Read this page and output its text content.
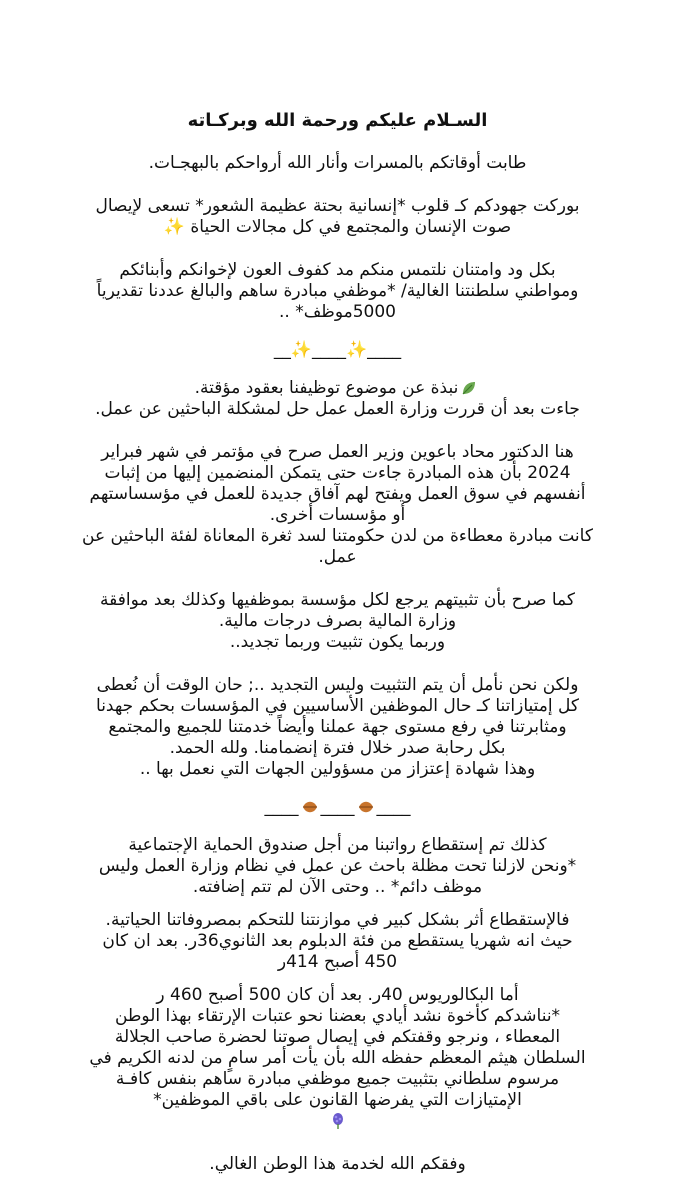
السـلام عليكم ورحمة الله وبركـاته

طابت أوقاتكم بالمسرات وأنار الله أرواحكم بالبهجـات.

بوركت جهودكم كـ قلوب *إنسانية بحتة عظيمة الشعور* تسعى لإيصال

صوت الإنسان والمجتمع في كل مجالات الحياة ✨

بكل ود وامتنان نلتمس منكم مد كفوف العون لإخوانكم وأبنائكم

ومواطني سلطنتنا الغالية/ *موظفي مبادرة ساهم والبالغ عددنا تقديرياً

5000موظف* ..

____✨____✨__

نبذة عن موضوع توظيفنا بعقود مؤقتة.

جاءت بعد أن قررت وزارة العمل عمل حل لمشكلة الباحثين عن عمل.

هنا الدكتور محاد باعوين وزير العمل صرح في مؤتمر في شهر فبراير

2024 بأن هذه المبادرة جاءت حتى يتمكن المنضمين إليها من إثبات

أنفسهم في سوق العمل ويفتح لهم آفاق جديدة للعمل في مؤسساستهم

أو مؤسسات أخرى.

كانت مبادرة معطاءة من لدن حكومتنا لسد ثغرة المعاناة لفئة الباحثين عن

عمل.

كما صرح بأن تثبيتهم يرجع لكل مؤسسة بموظفيها وكذلك بعد موافقة

وزارة المالية بصرف درجات مالية.

وربما يكون تثبيت وربما تجديد..

ولكن نحن نأمل أن يتم التثبيت وليس التجديد ..; حان الوقت أن نُعطى

كل إمتيازاتنا كـ حال الموظفين الأساسيين في المؤسسات بحكم جهدنا

ومثابرتنا في رفع مستوى جهة عملنا وأيضاً خدمتنا للجميع والمجتمع

بكل رحابة صدر خلال فترة إنضمامنا. ولله الحمد.

وهذا شهادة إعتزاز من مسؤولين الجهات التي نعمل بها ..

____________

كذلك تم إستقطاع رواتبنا من أجل صندوق الحماية الإجتماعية

*ونحن لازلنا تحت مظلة باحث عن عمل في نظام وزارة العمل وليس

موظف دائم* .. وحتى الآن لم تتم إضافته.

فالإستقطاع أثر بشكل كبير في موازنتنا للتحكم بمصروفاتنا الحياتية.

حيث انه شهريا يستقطع من فئة الدبلوم بعد الثانوي36ر. بعد ان كان

450 أصبح 414ر

أما البكالوريوس 40ر. بعد أن كان 500 أصبح 460 ر

*نناشدكم كأخوة نشد أيادي بعضنا نحو عتبات الإرتقاء بهذا الوطن

المعطاء ، ونرجو وقفتكم في إيصال صوتنا لحضرة صاحب الجلالة

السلطان هيثم المعظم حفظه الله بأن يأت أمر سامٍ من لدنه الكريم في

مرسوم سلطاني بتثبيت جميع موظفي مبادرة ساهم بنفس كافـة

الإمتيازات التي يفرضها القانون على باقي الموظفين*

وفقكم الله لخدمة هذا الوطن الغالي.
